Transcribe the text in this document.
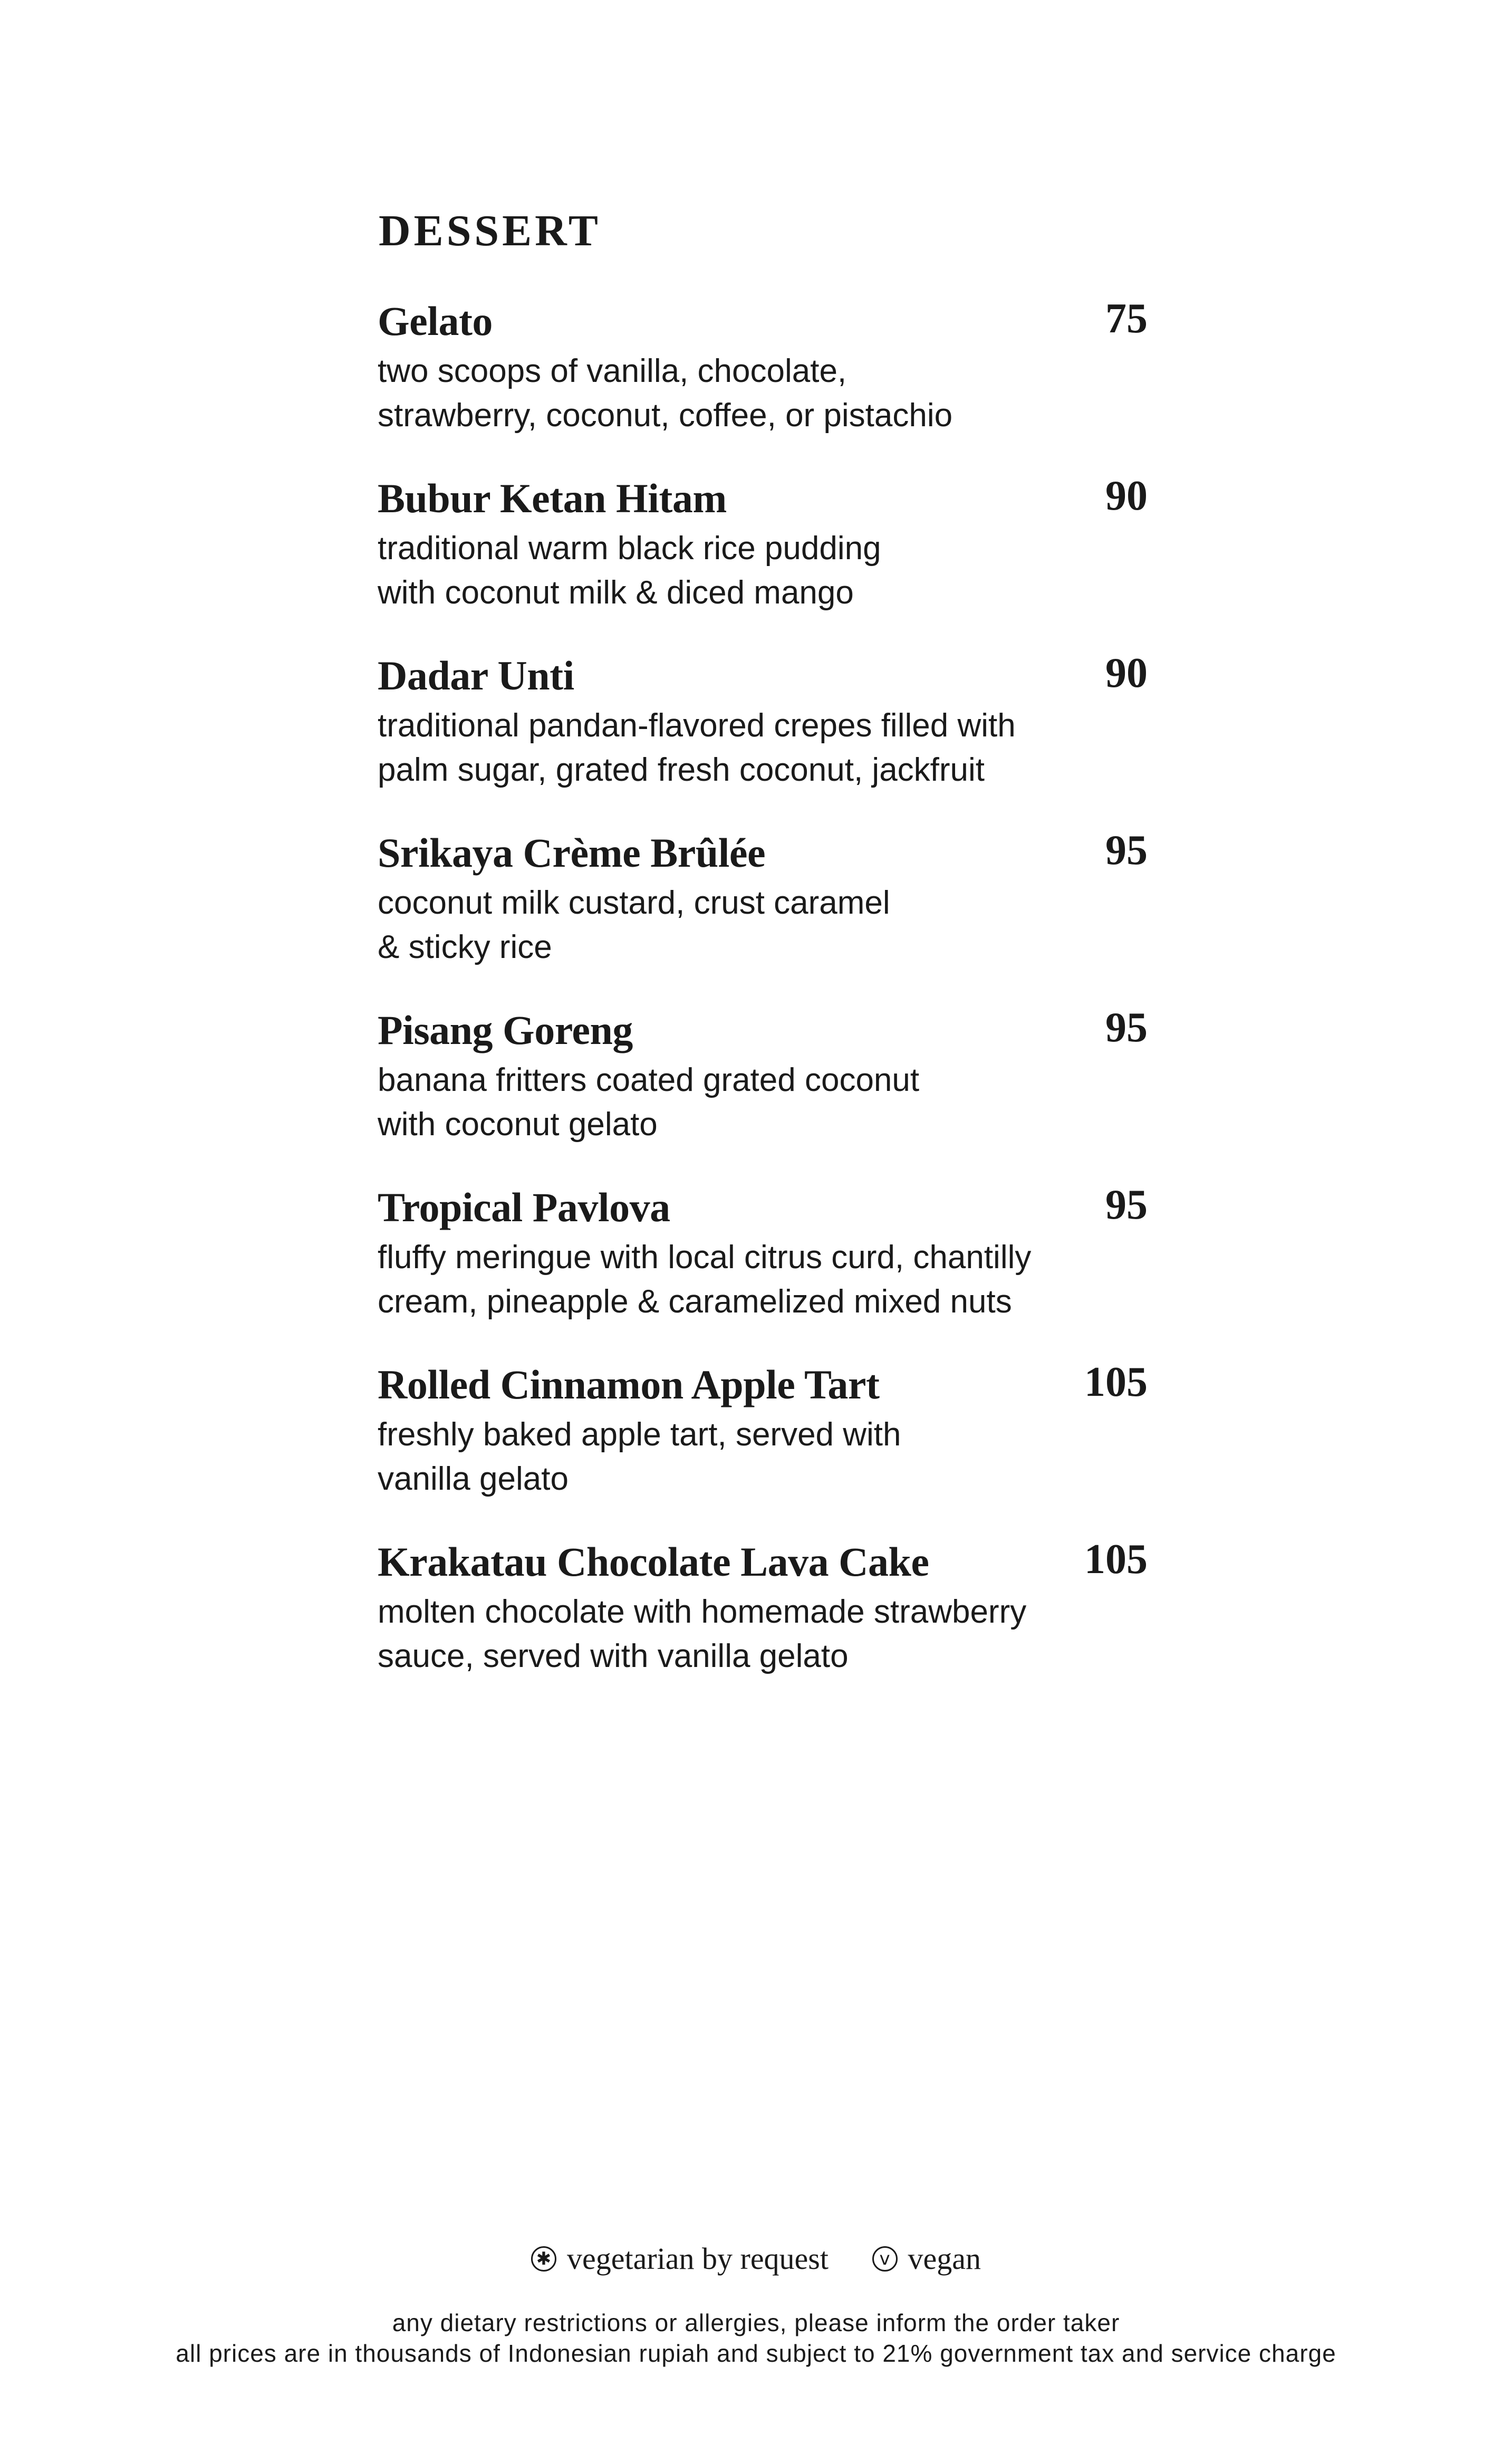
DESSERT
Gelato	75
two scoops of vanilla, chocolate,
strawberry, coconut, coffee, or pistachio
Bubur Ketan Hitam	90
traditional warm black rice pudding
with coconut milk & diced mango
Dadar Unti	90
traditional pandan-flavored crepes filled with
palm sugar, grated fresh coconut, jackfruit
Srikaya Crème Brûlée	95
coconut milk custard, crust caramel
& sticky rice
Pisang Goreng	95
banana fritters coated grated coconut
with coconut gelato
Tropical Pavlova	95
fluffy meringue with local citrus curd, chantilly
cream, pineapple & caramelized mixed nuts
Rolled Cinnamon Apple Tart	105
freshly baked apple tart, served with
vanilla gelato
Krakatau Chocolate Lava Cake	105
molten chocolate with homemade strawberry
sauce, served with vanilla gelato
✱ vegetarian by request
	v vegan
any dietary restrictions or allergies, please inform the order taker
all prices are in thousands of Indonesian rupiah and subject to 21% government tax and service charge
